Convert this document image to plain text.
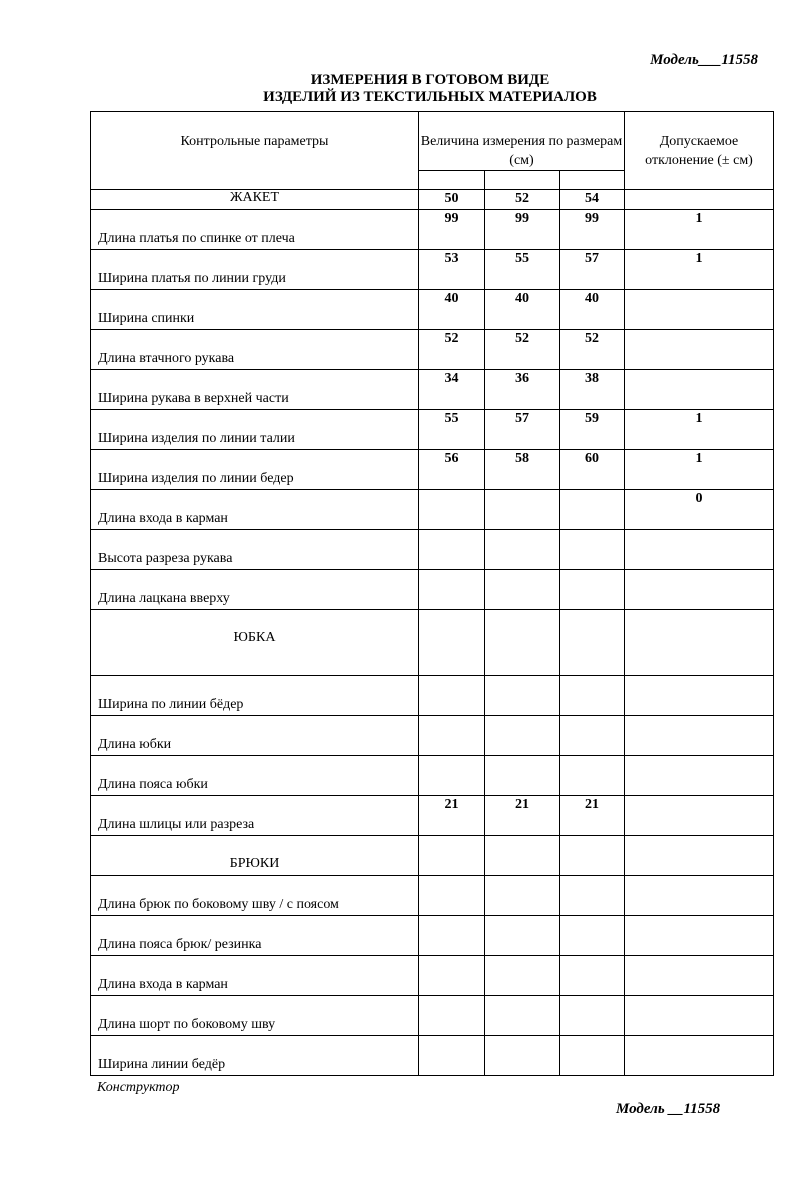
Модель___11558
ИЗМЕРЕНИЯ В ГОТОВОМ ВИДЕ
ИЗДЕЛИЙ ИЗ ТЕКСТИЛЬНЫХ МАТЕРИАЛОВ
Контрольные параметры	Величина измерения по размерам (см)			Допускаемое отклонение (± см)

ЖАКЕТ	50	52	54	

Длина платья по спинке от плеча	99	99	99	1

Ширина платья по линии груди	53	55	57	1

Ширина спинки	40	40	40	

Длина втачного рукава	52	52	52	

Ширина рукава в верхней части	34	36	38	

Ширина изделия по линии талии	55	57	59	1

Ширина изделия по линии бедер	56	58	60	1

Длина входа в карман				0

Высота разреза рукава				

Длина лацкана вверху				

ЮБКА				

Ширина по линии бёдер				

Длина юбки				

Длина пояса юбки				

Длина шлицы или разреза	21	21	21	
БРЮКИ				

Длина брюк по боковому шву / с поясом				

Длина пояса брюк/ резинка				

Длина входа в карман				

Длина шорт по боковому шву				

Ширина линии бедёр				

Конструктор
Модель __11558
